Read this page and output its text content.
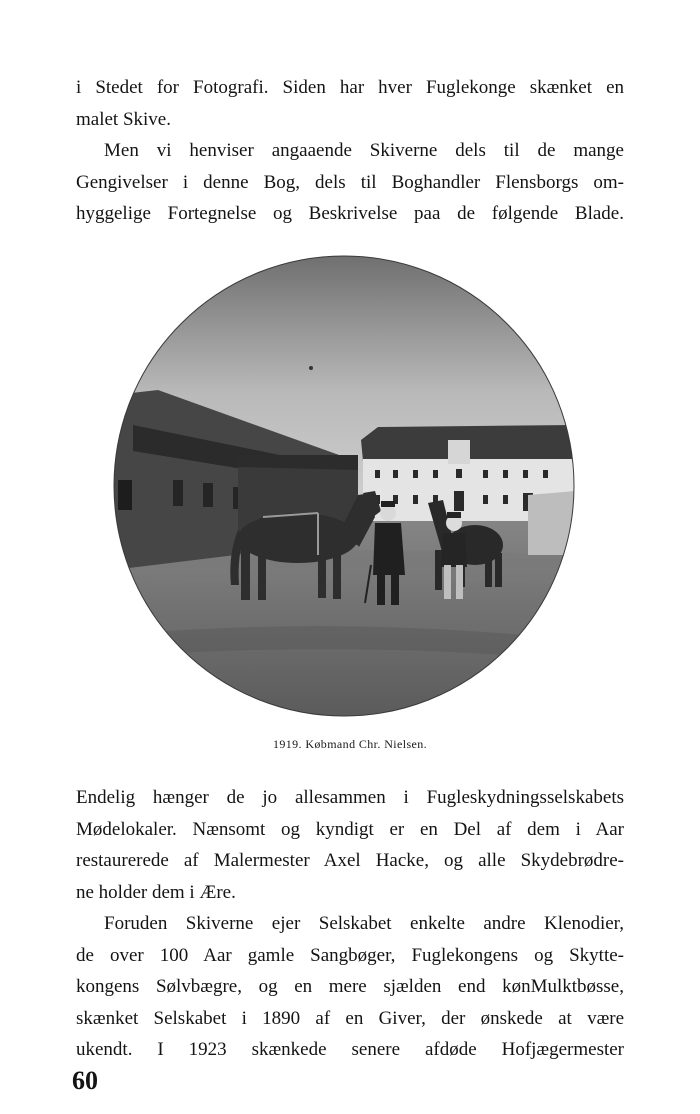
i Stedet for Fotografi. Siden har hver Fuglekonge skænket en
malet Skive.
Men vi henviser angaaende Skiverne dels til de mange
Gengivelser i denne Bog, dels til Boghandler Flensborgs om-
hyggelige Fortegnelse og Beskrivelse paa de følgende Blade.
1919. Købmand Chr. Nielsen.
Endelig hænger de jo allesammen i Fugleskydningsselskabets
Mødelokaler. Nænsomt og kyndigt er en Del af dem i Aar
restaurerede af Malermester Axel Hacke, og alle Skydebrødre-
ne holder dem i Ære.
Foruden Skiverne ejer Selskabet enkelte andre Klenodier,
de over 100 Aar gamle Sangbøger, Fuglekongens og Skytte-
kongens Sølvbægre, og en mere sjælden end kønMulktbøsse,
skænket Selskabet i 1890 af en Giver, der ønskede at være
ukendt. I 1923 skænkede senere afdøde Hofjægermester
60
